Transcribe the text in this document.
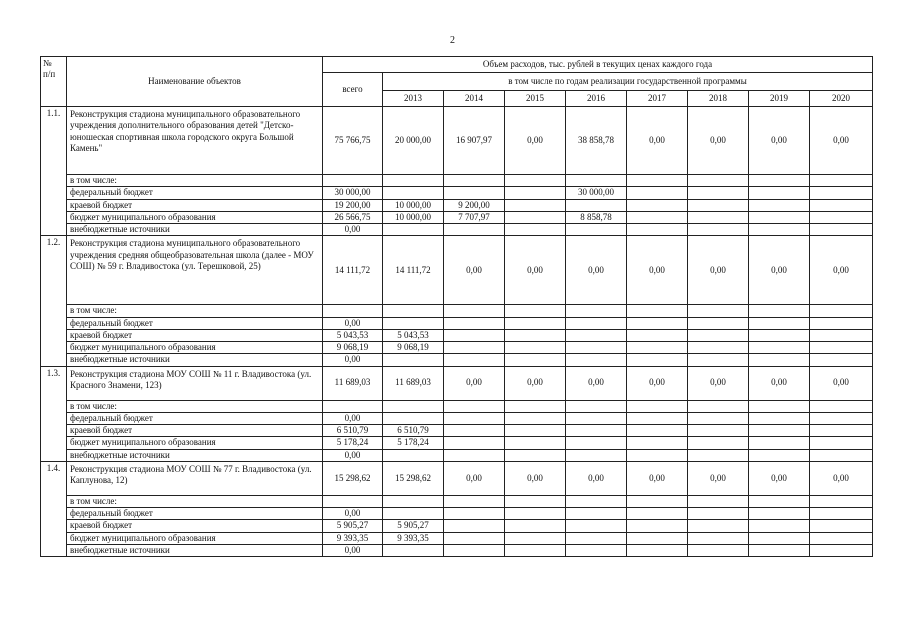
2
№
п/п	Наименование объектов	Объем расходов, тыс. рублей в текущих ценах каждого года								
		всего	в том числе по годам реализации государственной программы							
			2013	2014	2015	2016	2017	2018	2019	2020
1.1.	Реконструкция стадиона муниципального образовательного учреждения дополнительного образования детей "Детско-юношеская спортивная школа городского округа Большой Камень"	75 766,75	20 000,00	16 907,97	0,00	38 858,78	0,00	0,00	0,00	0,00
	в том числе:									
	федеральный бюджет	30 000,00				30 000,00				
	краевой бюджет	19 200,00	10 000,00	9 200,00						
	бюджет муниципального образования	26 566,75	10 000,00	7 707,97		8 858,78				
	внебюджетные источники	0,00								
1.2.	Реконструкция стадиона муниципального образовательного учреждения средняя общеобразовательная школа (далее - МОУ СОШ) № 59 г. Владивостока (ул. Терешковой, 25)	14 111,72	14 111,72	0,00	0,00	0,00	0,00	0,00	0,00	0,00
	в том числе:									
	федеральный бюджет	0,00								
	краевой бюджет	5 043,53	5 043,53							
	бюджет муниципального образования	9 068,19	9 068,19							
	внебюджетные источники	0,00								
1.3.	Реконструкция стадиона МОУ СОШ № 11 г. Владивостока (ул. Красного Знамени, 123)	11 689,03	11 689,03	0,00	0,00	0,00	0,00	0,00	0,00	0,00
	в том числе:									
	федеральный бюджет	0,00								
	краевой бюджет	6 510,79	6 510,79							
	бюджет муниципального образования	5 178,24	5 178,24							
	внебюджетные источники	0,00								
1.4.	Реконструкция стадиона МОУ СОШ № 77 г. Владивостока (ул. Каплунова, 12)	15 298,62	15 298,62	0,00	0,00	0,00	0,00	0,00	0,00	0,00
	в том числе:									
	федеральный бюджет	0,00								
	краевой бюджет	5 905,27	5 905,27							
	бюджет муниципального образования	9 393,35	9 393,35							
	внебюджетные источники	0,00								
